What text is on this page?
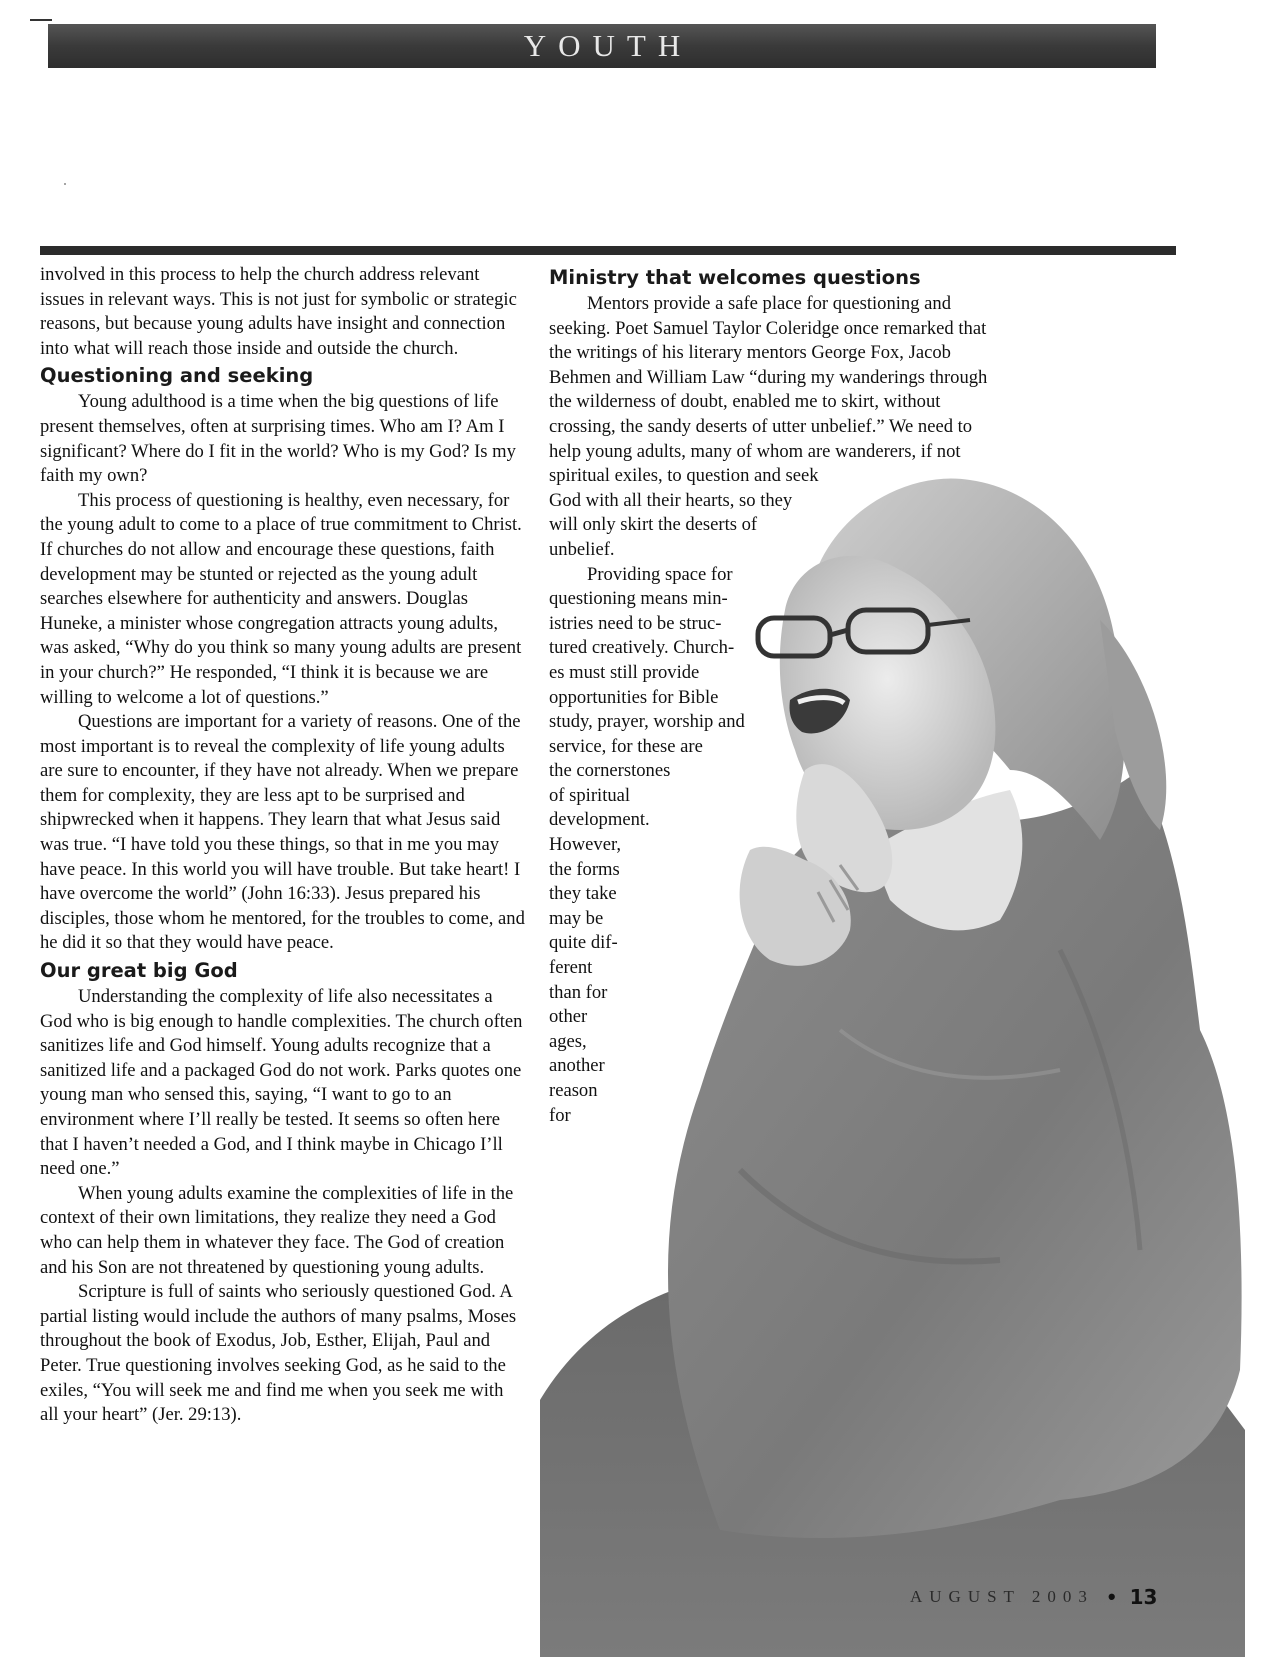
YOUTH

involved in this process to help the church address relevant issues in relevant ways. This is not just for symbolic or strategic reasons, but because young adults have insight and connection into what will reach those inside and outside the church.

Questioning and seeking

Young adulthood is a time when the big questions of life present themselves, often at surprising times. Who am I? Am I significant? Where do I fit in the world? Who is my God? Is my faith my own?

This process of questioning is healthy, even necessary, for the young adult to come to a place of true commitment to Christ. If churches do not allow and encourage these questions, faith development may be stunted or rejected as the young adult searches elsewhere for authenticity and answers. Douglas Huneke, a minister whose congregation attracts young adults, was asked, “Why do you think so many young adults are present in your church?” He responded, “I think it is because we are willing to welcome a lot of questions.”

Questions are important for a variety of reasons. One of the most important is to reveal the complexity of life young adults are sure to encounter, if they have not already. When we prepare them for complexity, they are less apt to be surprised and shipwrecked when it happens. They learn that what Jesus said was true. “I have told you these things, so that in me you may have peace. In this world you will have trouble. But take heart! I have overcome the world” (John 16:33). Jesus prepared his disciples, those whom he mentored, for the troubles to come, and he did it so that they would have peace.

Our great big God

Understanding the complexity of life also necessitates a God who is big enough to handle complexities. The church often sanitizes life and God himself. Young adults recognize that a sanitized life and a packaged God do not work. Parks quotes one young man who sensed this, saying, “I want to go to an environment where I’ll really be tested. It seems so often here that I haven’t needed a God, and I think maybe in Chicago I’ll need one.”

When young adults examine the complexities of life in the context of their own limitations, they realize they need a God who can help them in whatever they face. The God of creation and his Son are not threatened by questioning young adults.

Scripture is full of saints who seriously questioned God. A partial listing would include the authors of many psalms, Moses throughout the book of Exodus, Job, Esther, Elijah, Paul and Peter. True questioning involves seeking God, as he said to the exiles, “You will seek me and find me when you seek me with all your heart” (Jer. 29:13).

Ministry that welcomes questions
Mentors provide a safe place for questioning and
seeking. Poet Samuel Taylor Coleridge once remarked that
the writings of his literary mentors George Fox, Jacob
Behmen and William Law “during my wanderings through
the wilderness of doubt, enabled me to skirt, without
crossing, the sandy deserts of utter unbelief.” We need to
help young adults, many of whom are wanderers, if not
spiritual exiles, to question and seek
God with all their hearts, so they
will only skirt the deserts of
unbelief.
Providing space for
questioning means min-
istries need to be struc-
tured creatively. Church-
es must still provide
opportunities for Bible
study, prayer, worship and
service, for these are
the cornerstones
of spiritual
development.
However,
the forms
they take
may be
quite dif-
ferent
than for
other
ages,
another
reason
for
AUGUST 2003 • 13
